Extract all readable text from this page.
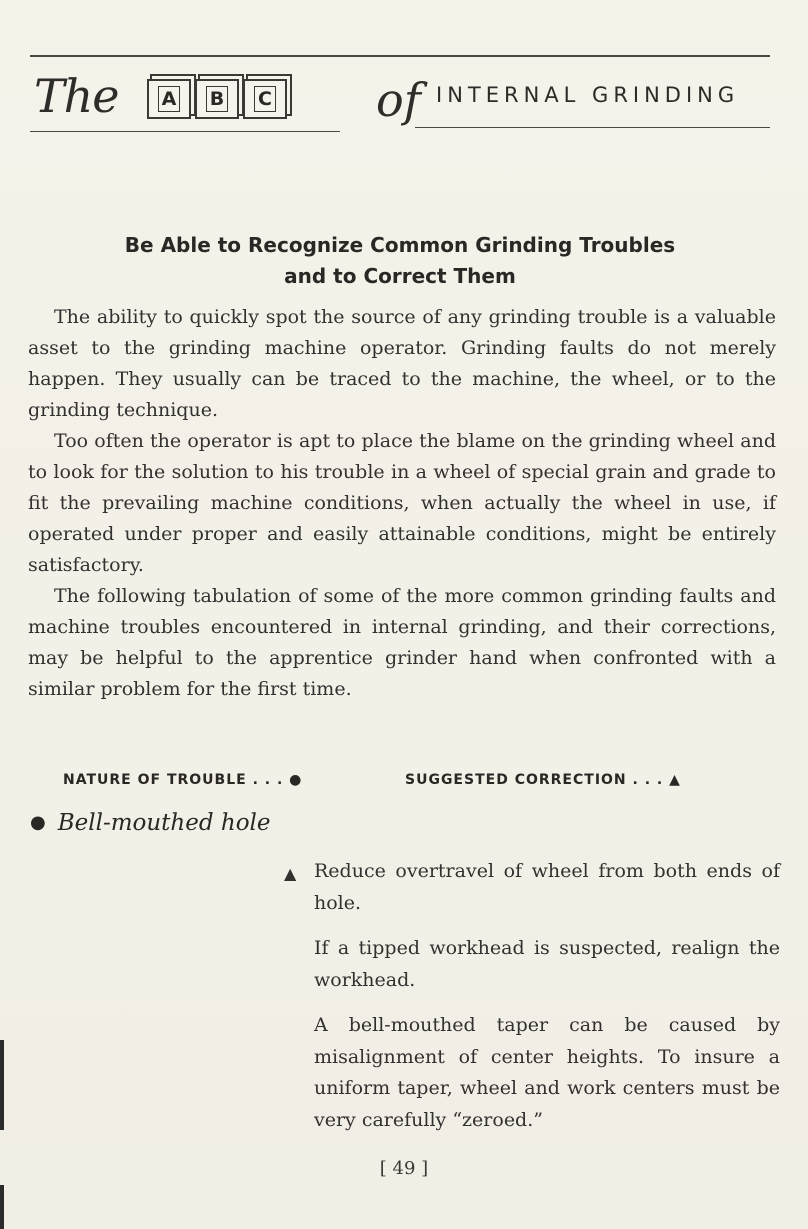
The A B C of INTERNAL GRINDING
Be Able to Recognize Common Grinding Troubles
and to Correct Them

The ability to quickly spot the source of any grinding trouble is a valuable asset to the grinding machine operator. Grinding faults do not merely happen. They usually can be traced to the machine, the wheel, or to the grinding technique.

Too often the operator is apt to place the blame on the grinding wheel and to look for the solution to his trouble in a wheel of special grain and grade to fit the prevailing machine conditions, when actually the wheel in use, if operated under proper and easily attainable conditions, might be entirely satisfactory.

The following tabulation of some of the more common grinding faults and machine troubles encountered in internal grinding, and their corrections, may be helpful to the apprentice grinder hand when confronted with a similar problem for the first time.

NATURE OF TROUBLE . . . ●	SUGGESTED CORRECTION . . . ▲
● Bell-mouthed hole
▲ Reduce overtravel of wheel from both ends of hole.

If a tipped workhead is suspected, realign the workhead.

A bell-mouthed taper can be caused by misalignment of center heights. To insure a uniform taper, wheel and work centers must be very carefully “zeroed.”

[ 49 ]
